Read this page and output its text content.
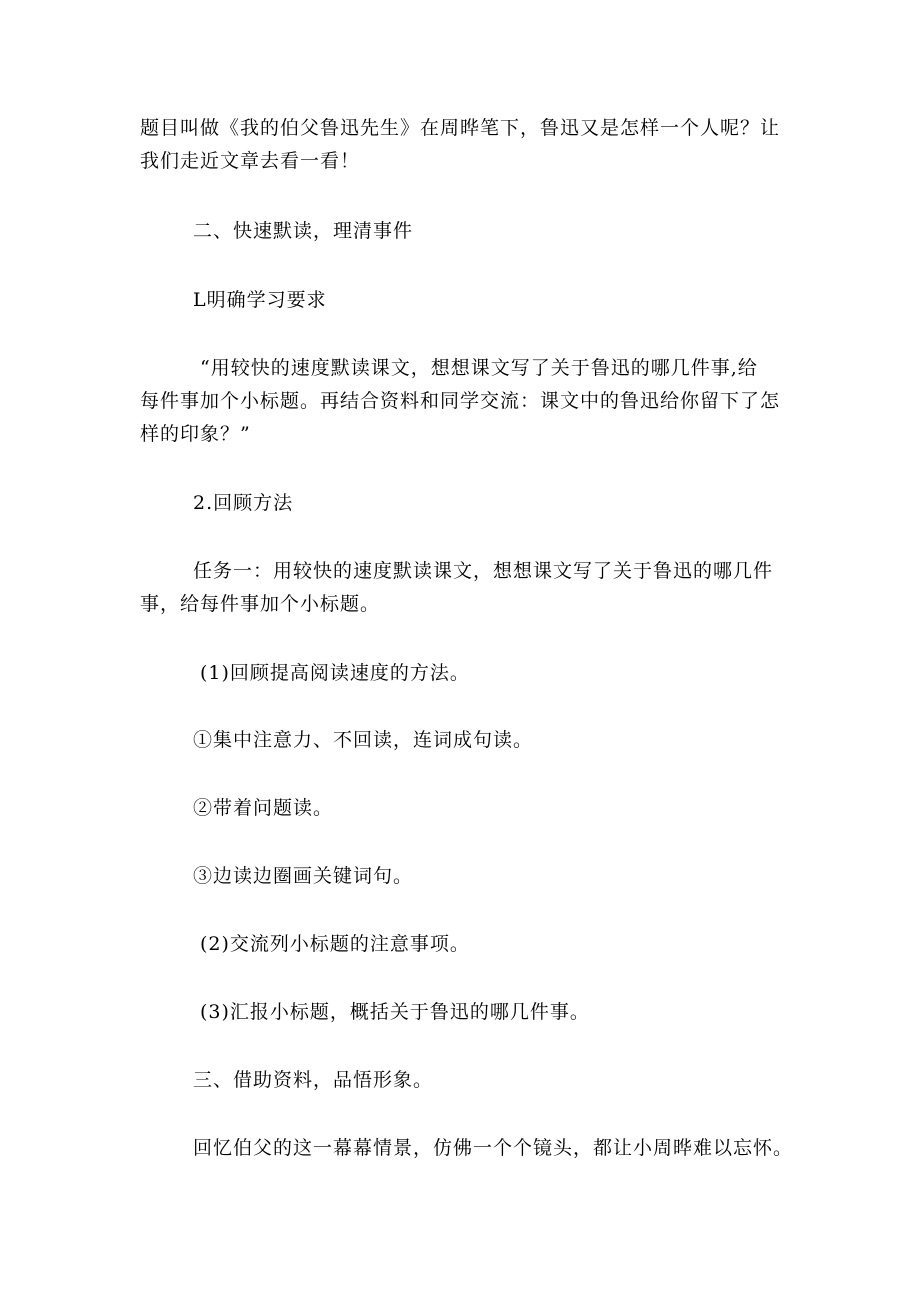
题目叫做《我的伯父鲁迅先生》在周晔笔下，鲁迅又是怎样一个人呢？让
我们走近文章去看一看！
二、快速默读，理清事件
L明确学习要求
“用较快的速度默读课文，想想课文写了关于鲁迅的哪几件事,给
每件事加个小标题。再结合资料和同学交流：课文中的鲁迅给你留下了怎
样的印象？”
2.回顾方法
任务一：用较快的速度默读课文，想想课文写了关于鲁迅的哪几件
事，给每件事加个小标题。
(1)回顾提高阅读速度的方法。
①集中注意力、不回读，连词成句读。
②带着问题读。
③边读边圈画关键词句。
(2)交流列小标题的注意事项。
(3)汇报小标题，概括关于鲁迅的哪几件事。
三、借助资料，品悟形象。
回忆伯父的这一幕幕情景，仿佛一个个镜头，都让小周晔难以忘怀。
